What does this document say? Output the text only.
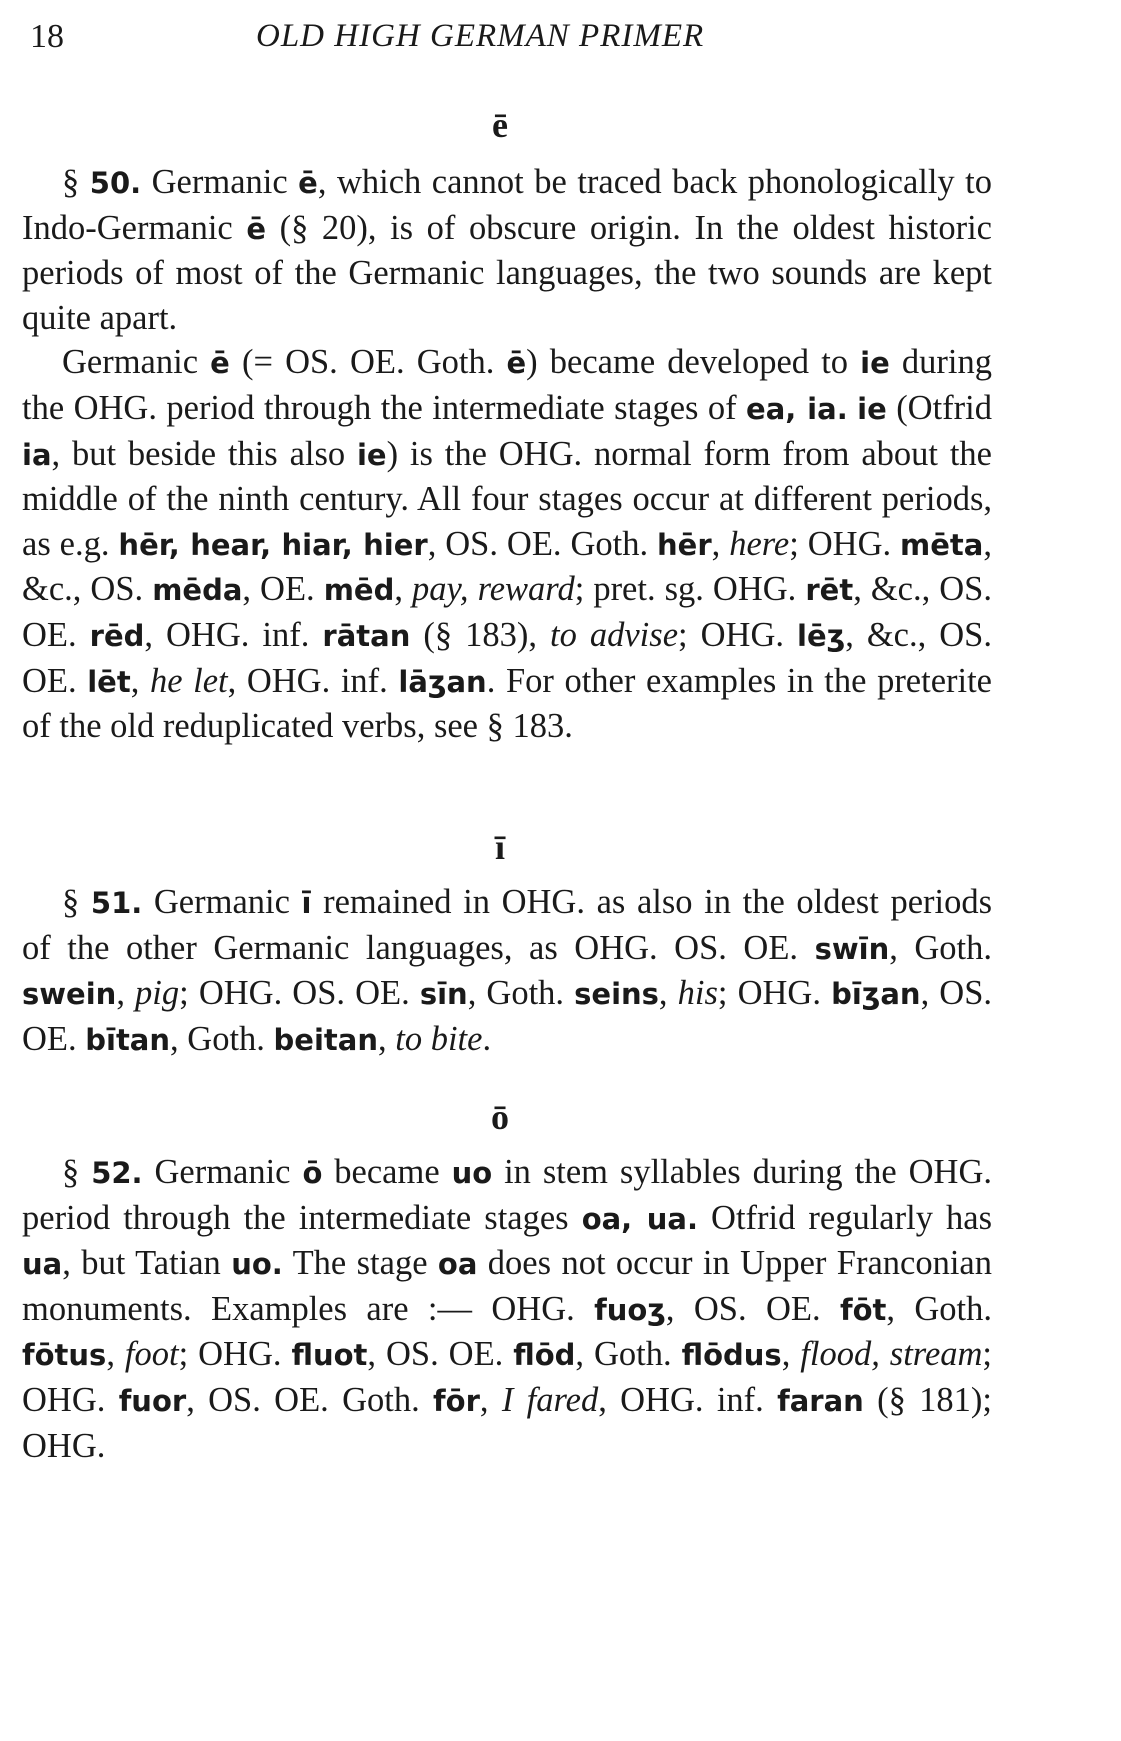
18	OLD HIGH GERMAN PRIMER
ē

§ 50. Germanic ē, which cannot be traced back phonologically to Indo-Germanic ē (§ 20), is of obscure origin. In the oldest historic periods of most of the Germanic languages, the two sounds are kept quite apart.

Germanic ē (= OS. OE. Goth. ē) became developed to ie during the OHG. period through the intermediate stages of ea, ia. ie (Otfrid ia, but beside this also ie) is the OHG. normal form from about the middle of the ninth century. All four stages occur at different periods, as e.g. hēr, hear, hiar, hier, OS. OE. Goth. hēr, here; OHG. mēta, &c., OS. mēda, OE. mēd, pay, reward; pret. sg. OHG. rēt, &c., OS. OE. rēd, OHG. inf. rātan (§ 183), to advise; OHG. lēʒ, &c., OS. OE. lēt, he let, OHG. inf. lāʒan. For other examples in the preterite of the old reduplicated verbs, see § 183.

ī

§ 51. Germanic ī remained in OHG. as also in the oldest periods of the other Germanic languages, as OHG. OS. OE. swīn, Goth. swein, pig; OHG. OS. OE. sīn, Goth. seins, his; OHG. bīʒan, OS. OE. bītan, Goth. beitan, to bite.

ō

§ 52. Germanic ō became uo in stem syllables during the OHG. period through the intermediate stages oa, ua. Otfrid regularly has ua, but Tatian uo. The stage oa does not occur in Upper Franconian monuments. Examples are :— OHG. fuoʒ, OS. OE. fōt, Goth. fōtus, foot; OHG. fluot, OS. OE. flōd, Goth. flōdus, flood, stream; OHG. fuor, OS. OE. Goth. fōr, I fared, OHG. inf. faran (§ 181); OHG.
